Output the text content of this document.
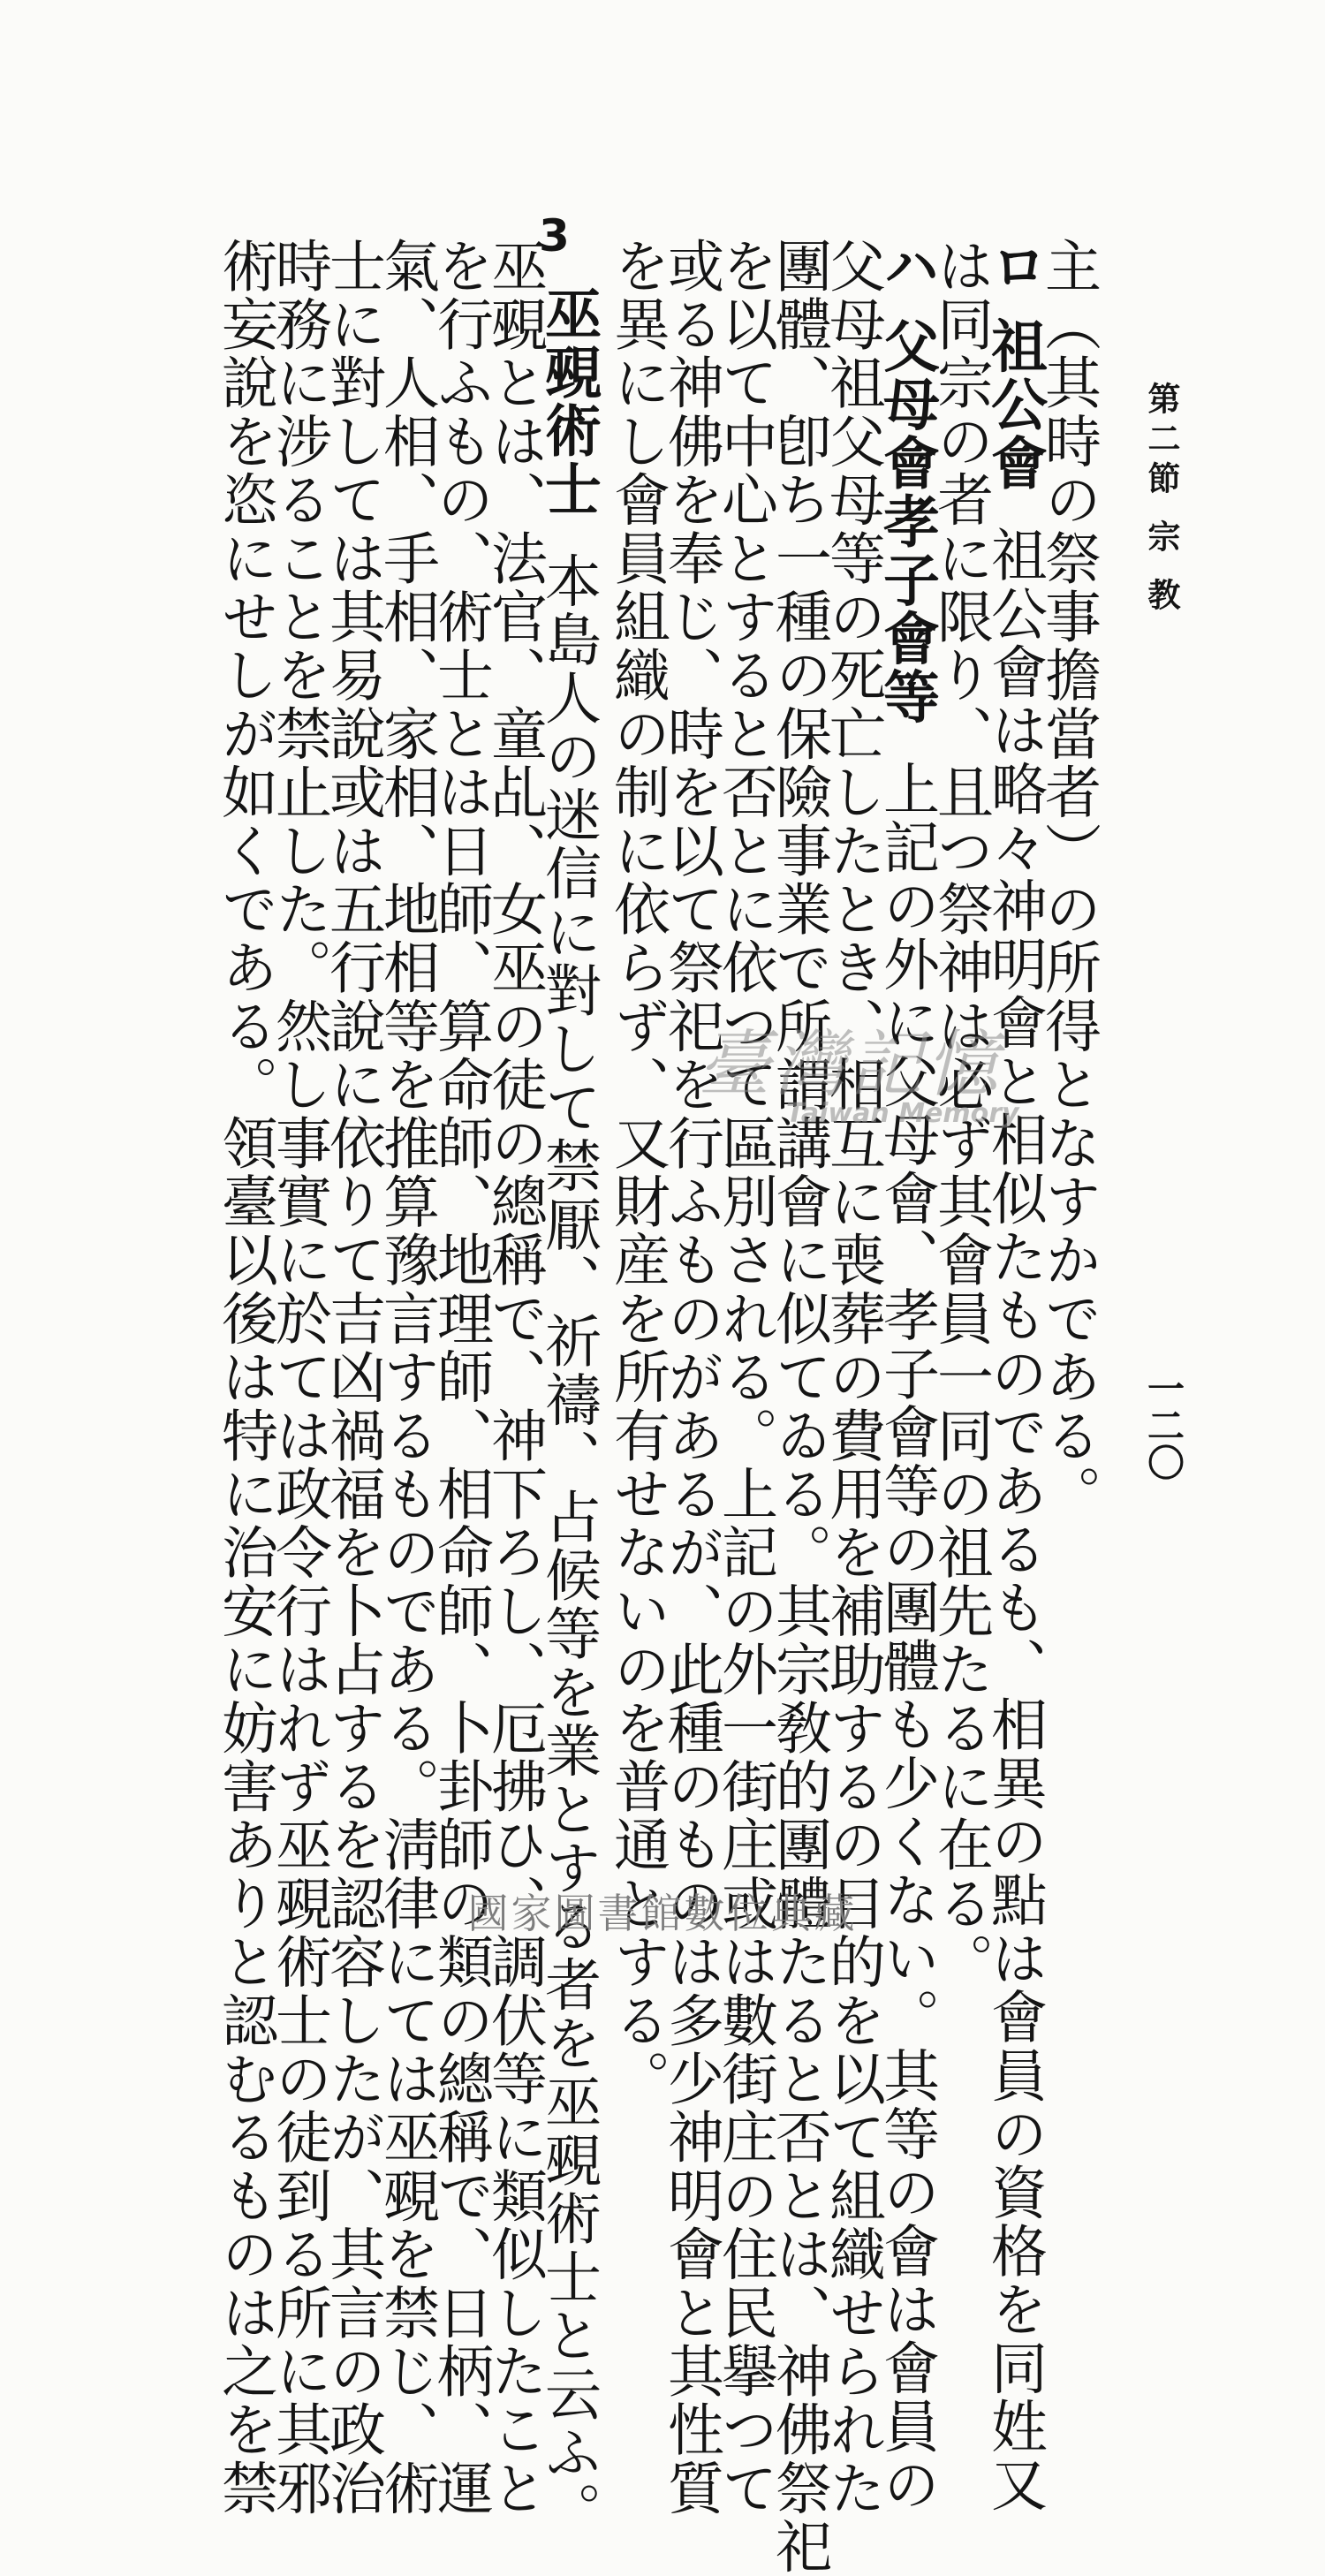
第二節 宗 教
一二〇
主（其時の祭事擔當者）の所得となすかである。
ロ 祖公會祖公會は略々神明會と相似たものであるも、相異の點は會員の資格を同姓又
は同宗の者に限り、且つ祭神は必ず其會員一同の祖先たるに在る。
ハ 父母會孝子會等上記の外に父母會、孝子會等の團體も少くない。其等の會は會員の
父母祖父母等の死亡したとき、相互に喪葬の費用を補助するの目的を以て組織せられた
團體、卽ち一種の保險事業で所謂講會に似てゐる。其宗敎的團體たると否とは、神佛祭祀
を以て中心とすると否とに依つて區別される。上記の外一街庄或は數街庄の住民擧つて
或る神佛を奉じ、時を以て祭祀を行ふものがあるが、此種のものは多少神明會と其性質
を異にし會員組織の制に依らず、又財産を所有せないのを普通とする。
3
巫覡術士本島人の迷信に對して禁厭、祈禱、占候等を業とする者を巫覡術士と云ふ。
巫覡とは、法官、童乩、女巫の徒の總稱で、神下ろし、厄拂ひ、調伏等に類似したこと
を行ふもの、術士とは日師、算命師、地理師、相命師、卜卦師の類の總稱で、日柄、運
氣、人相、手相、家相、地相等を推算豫言するものである。淸律にては巫覡を禁じ、術
士に對しては其易說或は五行說に依りて吉凶禍福を卜占するを認容したが、其言の政治
時務に涉ることを禁止した。然し事實に於ては政令行はれず巫覡術士の徒到る所に其邪
術妄說を恣にせしが如くである。領臺以後は特に治安に妨害ありと認むるものは之を禁	臺灣記憶
Taiwan Memory
國家圖書館數位典藏
